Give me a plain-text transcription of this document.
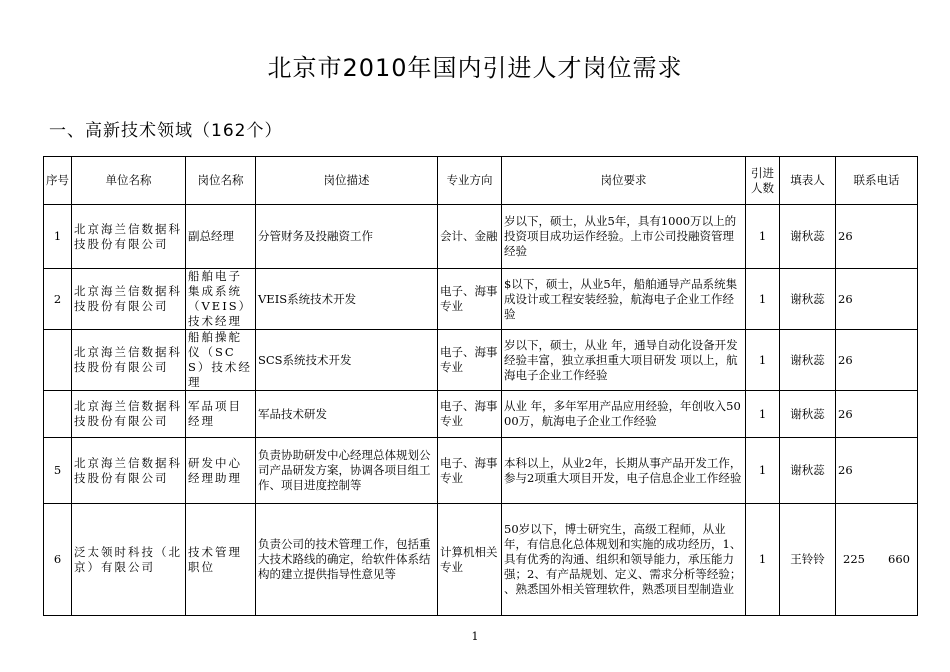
北京市2010年国内引进人才岗位需求
一、高新技术领域（162个）
序号	单位名称	岗位名称	岗位描述	专业方向	岗位要求	引进人数	填表人	联系电话
1	北京海兰信数据科技股份有限公司	副总经理	分管财务及投融资工作	会计、金融	岁以下，硕士，从业5年，具有1000万以上的投资项目成功运作经验。上市公司投融资管理经验	1	谢秋蕊	26
2	北京海兰信数据科技股份有限公司	船舶电子集成系统（VEIS）技术经理	VEIS系统技术开发	电子、海事专业	$以下，硕士，从业5年，船舶通导产品系统集成设计或工程安装经验，航海电子企业工作经验	1	谢秋蕊	26
	北京海兰信数据科技股份有限公司	船舶操舵仪（SCS）技术经理	SCS系统技术开发	电子、海事专业	岁以下，硕士，从业 年，通导自动化设备开发经验丰富，独立承担重大项目研发 项以上，航海电子企业工作经验	1	谢秋蕊	26
	北京海兰信数据科技股份有限公司	军品项目经理	军品技术研发	电子、海事专业	从业 年，多年军用产品应用经验，年创收入5000万，航海电子企业工作经验	1	谢秋蕊	26
5	北京海兰信数据科技股份有限公司	研发中心经理助理	负责协助研发中心经理总体规划公司产品研发方案，协调各项目组工作、项目进度控制等	电子、海事专业	本科以上，从业2年，长期从事产品开发工作，参与2项重大项目开发，电子信息企业工作经验	1	谢秋蕊	26
6	泛太领时科技（北京）有限公司	技术管理职位	负责公司的技术管理工作，包括重大技术路线的确定，给软件体系结构的建立提供指导性意见等	计算机相关专业	50岁以下，博士研究生，高级工程师，从业 年，有信息化总体规划和实施的成功经历，1、具有优秀的沟通、组织和领导能力，承压能力强；2、有产品规划、定义、需求分析等经验； 、熟悉国外相关管理软件，熟悉项目型制造业	1	王铃铃	225　　660
1
